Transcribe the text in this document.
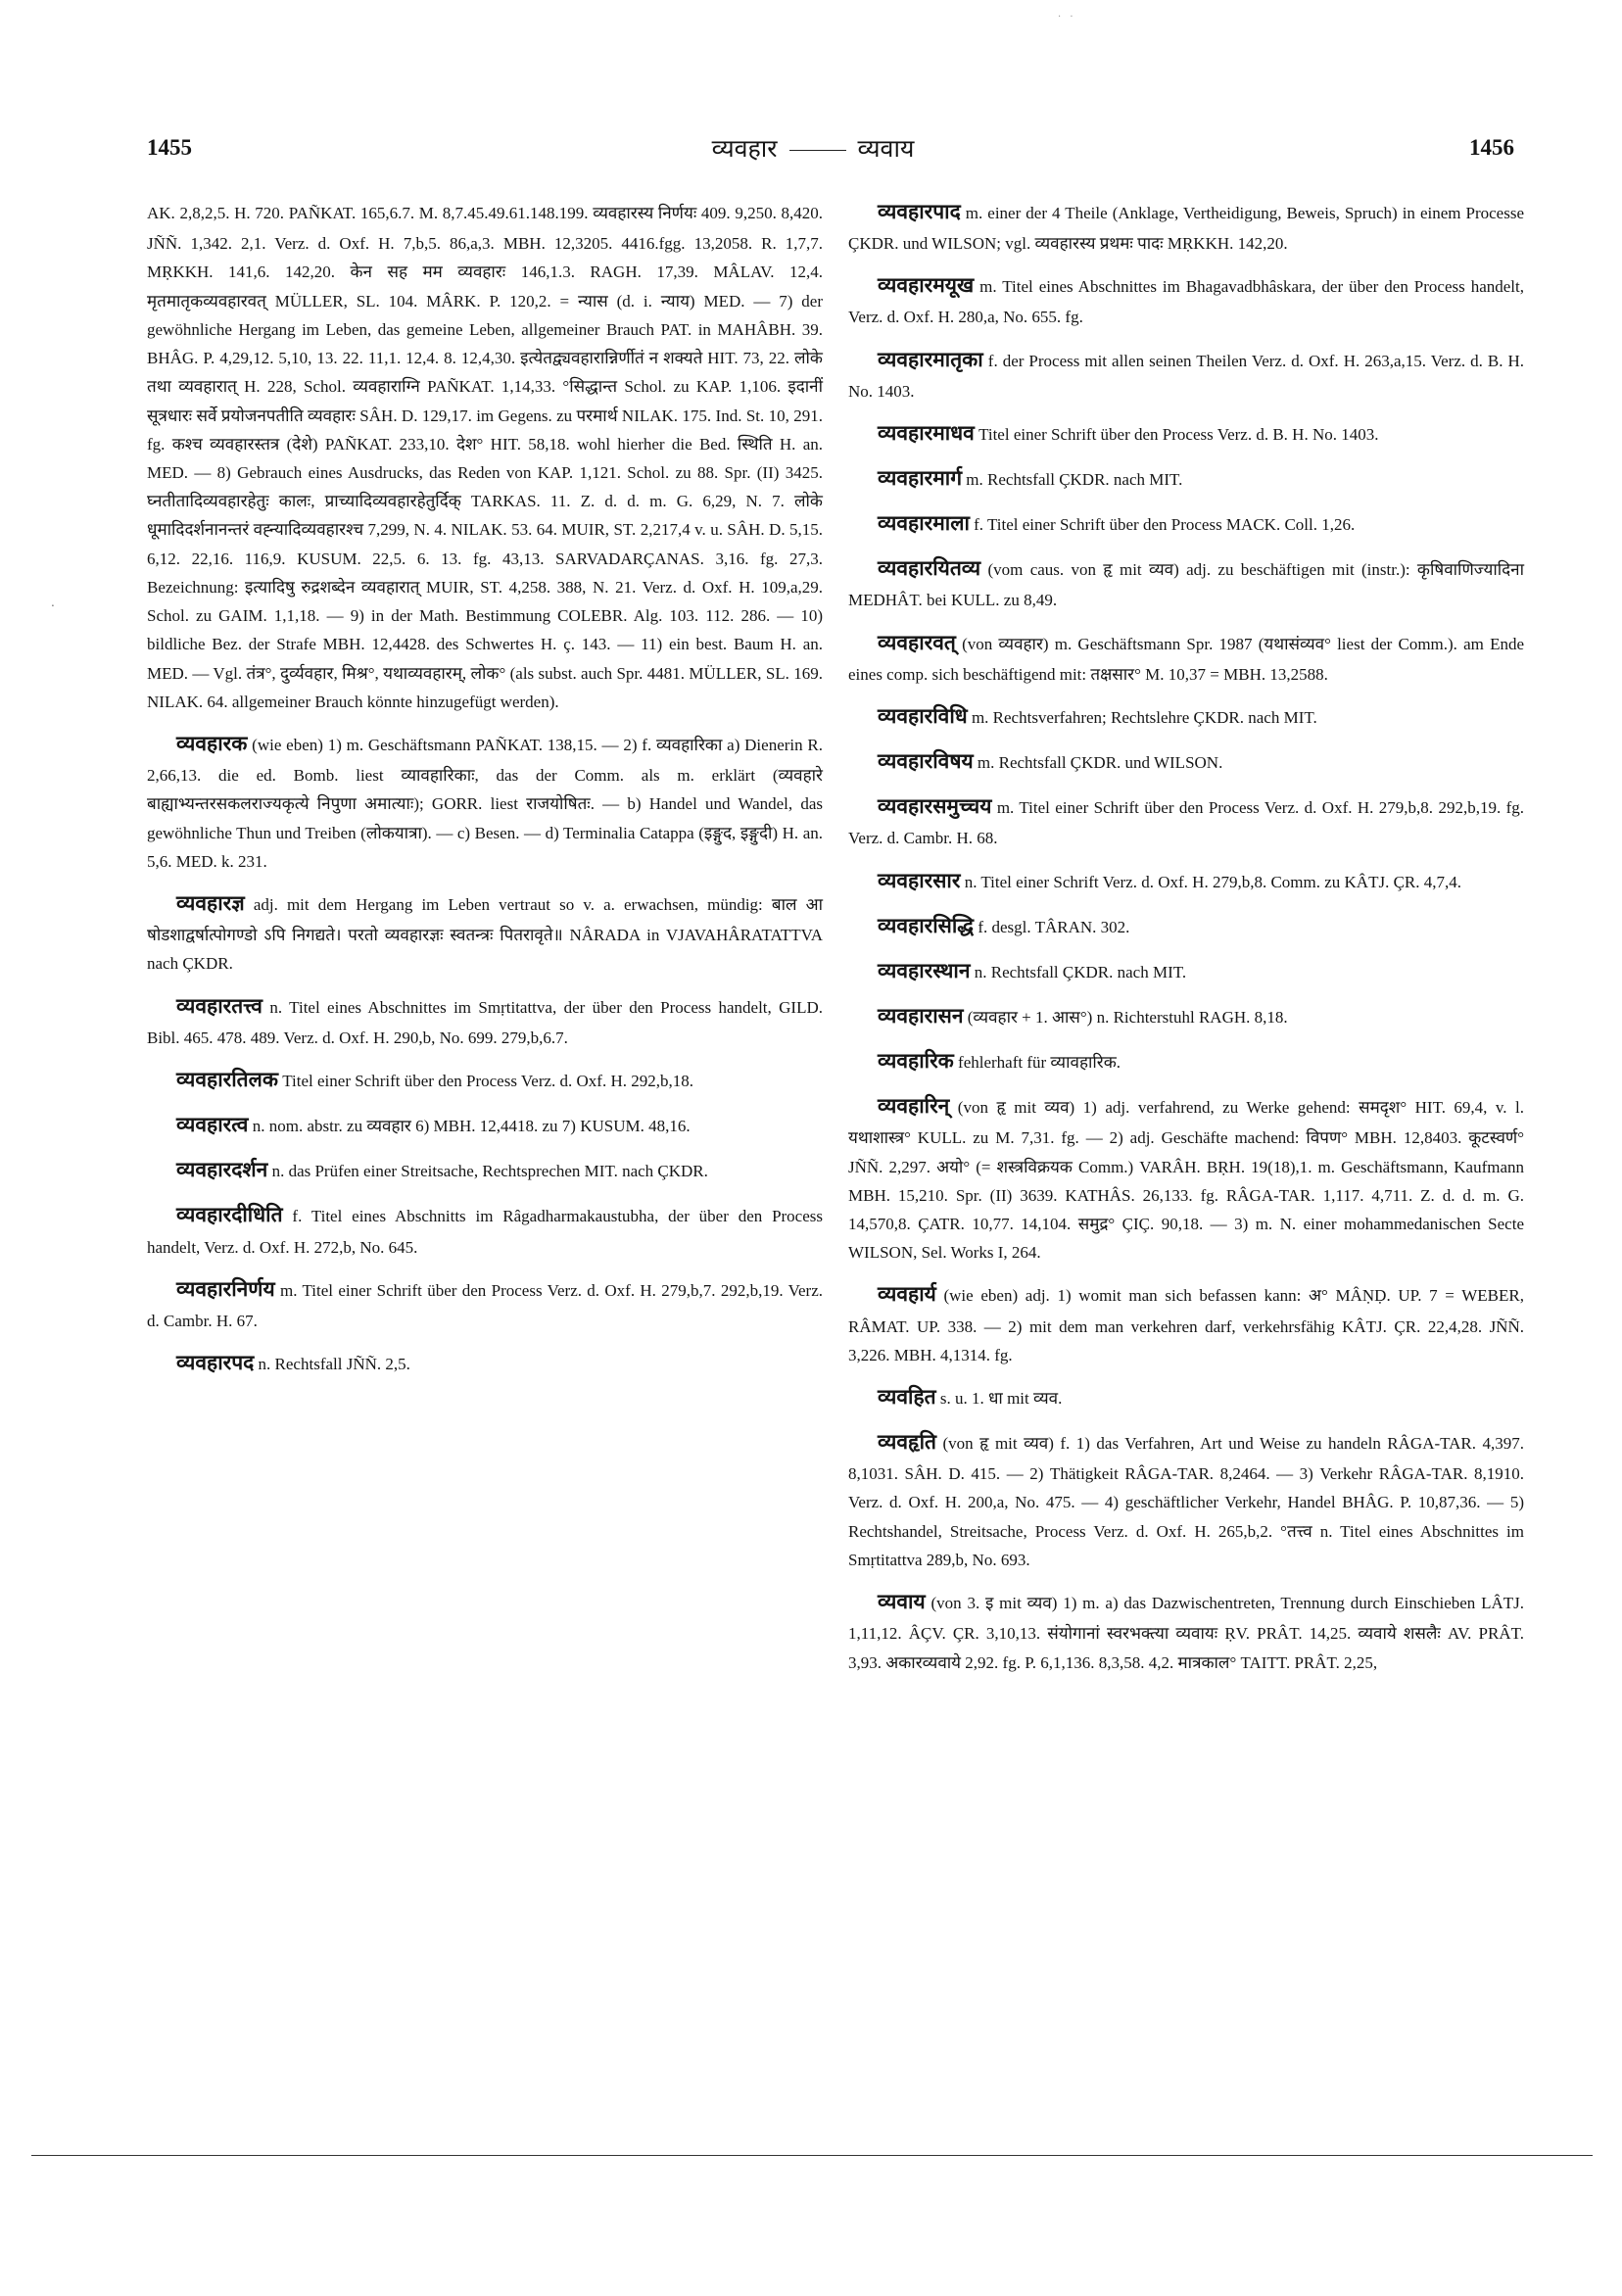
· ·
.
1455	व्यवहार	व्यवाय	1456

AK. 2,8,2,5. H. 720. PAÑKAT. 165,6.7. M. 8,7.45.49.61.148.199. व्यवहारस्य निर्णयः 409. 9,250. 8,420. JÑÑ. 1,342. 2,1. Verz. d. Oxf. H. 7,b,5. 86,a,3. MBH. 12,3205. 4416.fgg. 13,2058. R. 1,7,7. MṚKKH. 141,6. 142,20. केन सह मम व्यवहारः 146,1.3. RAGH. 17,39. MÂLAV. 12,4. मृतमातृकव्यवहारवत् MÜLLER, SL. 104. MÂRK. P. 120,2. = न्यास (d. i. न्याय) MED. — 7) der gewöhnliche Hergang im Leben, das gemeine Leben, allgemeiner Brauch PAT. in MAHÂBH. 39. BHÂG. P. 4,29,12. 5,10, 13. 22. 11,1. 12,4. 8. 12,4,30. इत्येतद्व्यवहारान्निर्णीतं न शक्यते HIT. 73, 22. लोके तथा व्यवहारात् H. 228, Schol. व्यवहाराग्नि PAÑKAT. 1,14,33. °सिद्धान्त Schol. zu KAP. 1,106. इदानीं सूत्रधारः सर्वे प्रयोजनपतीति व्यवहारः SÂH. D. 129,17. im Gegens. zu परमार्थ NILAK. 175. Ind. St. 10, 291. fg. कश्च व्यवहारस्तत्र (देशे) PAÑKAT. 233,10. देश° HIT. 58,18. wohl hierher die Bed. स्थिति H. an. MED. — 8) Gebrauch eines Ausdrucks, das Reden von KAP. 1,121. Schol. zu 88. Spr. (II) 3425. घ्नतीतादिव्यवहारहेतुः कालः, प्राच्यादिव्यवहारहेतुर्दिक् TARKAS. 11. Z. d. d. m. G. 6,29, N. 7. लोके धूमादिदर्शनानन्तरं वह्न्यादिव्यवहारश्च 7,299, N. 4. NILAK. 53. 64. MUIR, ST. 2,217,4 v. u. SÂH. D. 5,15. 6,12. 22,16. 116,9. KUSUM. 22,5. 6. 13. fg. 43,13. SARVADARÇANAS. 3,16. fg. 27,3. Bezeichnung: इत्यादिषु रुद्रशब्देन व्यवहारात् MUIR, ST. 4,258. 388, N. 21. Verz. d. Oxf. H. 109,a,29. Schol. zu GAIM. 1,1,18. — 9) in der Math. Bestimmung COLEBR. Alg. 103. 112. 286. — 10) bildliche Bez. der Strafe MBH. 12,4428. des Schwertes H. ç. 143. — 11) ein best. Baum H. an. MED. — Vgl. तंत्र°, दुर्व्यवहार, मिश्र°, यथाव्यवहारम्, लोक° (als subst. auch Spr. 4481. MÜLLER, SL. 169. NILAK. 64. allgemeiner Brauch könnte hinzugefügt werden).

व्यवहारक (wie eben) 1) m. Geschäftsmann PAÑKAT. 138,15. — 2) f. व्यवहारिका a) Dienerin R. 2,66,13. die ed. Bomb. liest व्यावहारिकाः, das der Comm. als m. erklärt (व्यवहारे बाह्याभ्यन्तरसकलराज्यकृत्ये निपुणा अमात्याः); GORR. liest राजयोषितः. — b) Handel und Wandel, das gewöhnliche Thun und Treiben (लोकयात्रा). — c) Besen. — d) Terminalia Catappa (इङ्गुद, इङ्गुदी) H. an. 5,6. MED. k. 231.

व्यवहारज्ञ adj. mit dem Hergang im Leben vertraut so v. a. erwachsen, mündig: बाल आ षोडशाद्वर्षात्पोगण्डो ऽपि निगद्यते। परतो व्यवहारज्ञः स्वतन्त्रः पितरावृते॥ NÂRADA in VJAVAHÂRATATTVA nach ÇKDR.

व्यवहारतत्त्व n. Titel eines Abschnittes im Smṛtitattva, der über den Process handelt, GILD. Bibl. 465. 478. 489. Verz. d. Oxf. H. 290,b, No. 699. 279,b,6.7.

व्यवहारतिलक Titel einer Schrift über den Process Verz. d. Oxf. H. 292,b,18.

व्यवहारत्व n. nom. abstr. zu व्यवहार 6) MBH. 12,4418. zu 7) KUSUM. 48,16.

व्यवहारदर्शन n. das Prüfen einer Streitsache, Rechtsprechen MIT. nach ÇKDR.

व्यवहारदीधिति f. Titel eines Abschnitts im Râgadharmakaustubha, der über den Process handelt, Verz. d. Oxf. H. 272,b, No. 645.

व्यवहारनिर्णय m. Titel einer Schrift über den Process Verz. d. Oxf. H. 279,b,7. 292,b,19. Verz. d. Cambr. H. 67.

व्यवहारपद n. Rechtsfall JÑÑ. 2,5.

व्यवहारपाद m. einer der 4 Theile (Anklage, Vertheidigung, Beweis, Spruch) in einem Processe ÇKDR. und WILSON; vgl. व्यवहारस्य प्रथमः पादः MṚKKH. 142,20.

व्यवहारमयूख m. Titel eines Abschnittes im Bhagavadbhâskara, der über den Process handelt, Verz. d. Oxf. H. 280,a, No. 655. fg.

व्यवहारमातृका f. der Process mit allen seinen Theilen Verz. d. Oxf. H. 263,a,15. Verz. d. B. H. No. 1403.

व्यवहारमाधव Titel einer Schrift über den Process Verz. d. B. H. No. 1403.

व्यवहारमार्ग m. Rechtsfall ÇKDR. nach MIT.

व्यवहारमाला f. Titel einer Schrift über den Process MACK. Coll. 1,26.

व्यवहारयितव्य (vom caus. von हृ mit व्यव) adj. zu beschäftigen mit (instr.): कृषिवाणिज्यादिना MEDHÂT. bei KULL. zu 8,49.

व्यवहारवत् (von व्यवहार) m. Geschäftsmann Spr. 1987 (यथासंव्यव° liest der Comm.). am Ende eines comp. sich beschäftigend mit: तक्षसार° M. 10,37 = MBH. 13,2588.

व्यवहारविधि m. Rechtsverfahren; Rechtslehre ÇKDR. nach MIT.

व्यवहारविषय m. Rechtsfall ÇKDR. und WILSON.

व्यवहारसमुच्चय m. Titel einer Schrift über den Process Verz. d. Oxf. H. 279,b,8. 292,b,19. fg. Verz. d. Cambr. H. 68.

व्यवहारसार n. Titel einer Schrift Verz. d. Oxf. H. 279,b,8. Comm. zu KÂTJ. ÇR. 4,7,4.

व्यवहारसिद्धि f. desgl. TÂRAN. 302.

व्यवहारस्थान n. Rechtsfall ÇKDR. nach MIT.

व्यवहारासन (व्यवहार + 1. आस°) n. Richterstuhl RAGH. 8,18.

व्यवहारिक fehlerhaft für व्यावहारिक.

व्यवहारिन् (von हृ mit व्यव) 1) adj. verfahrend, zu Werke gehend: समदृश° HIT. 69,4, v. l. यथाशास्त्र° KULL. zu M. 7,31. fg. — 2) adj. Geschäfte machend: विपण° MBH. 12,8403. कूटस्वर्ण° JÑÑ. 2,297. अयो° (= शस्त्रविक्रयक Comm.) VARÂH. BṚH. 19(18),1. m. Geschäftsmann, Kaufmann MBH. 15,210. Spr. (II) 3639. KATHÂS. 26,133. fg. RÂGA-TAR. 1,117. 4,711. Z. d. d. m. G. 14,570,8. ÇATR. 10,77. 14,104. समुद्र° ÇIÇ. 90,18. — 3) m. N. einer mohammedanischen Secte WILSON, Sel. Works I, 264.

व्यवहार्य (wie eben) adj. 1) womit man sich befassen kann: अ° MÂṆḌ. UP. 7 = WEBER, RÂMAT. UP. 338. — 2) mit dem man verkehren darf, verkehrsfähig KÂTJ. ÇR. 22,4,28. JÑÑ. 3,226. MBH. 4,1314. fg.

व्यवहित s. u. 1. धा mit व्यव.

व्यवहृति (von हृ mit व्यव) f. 1) das Verfahren, Art und Weise zu handeln RÂGA-TAR. 4,397. 8,1031. SÂH. D. 415. — 2) Thätigkeit RÂGA-TAR. 8,2464. — 3) Verkehr RÂGA-TAR. 8,1910. Verz. d. Oxf. H. 200,a, No. 475. — 4) geschäftlicher Verkehr, Handel BHÂG. P. 10,87,36. — 5) Rechtshandel, Streitsache, Process Verz. d. Oxf. H. 265,b,2. °तत्त्व n. Titel eines Abschnittes im Smṛtitattva 289,b, No. 693.

व्यवाय (von 3. इ mit व्यव) 1) m. a) das Dazwischentreten, Trennung durch Einschieben LÂTJ. 1,11,12. ÂÇV. ÇR. 3,10,13. संयोगानां स्वरभक्त्या व्यवायः ṚV. PRÂT. 14,25. व्यवाये शसलैः AV. PRÂT. 3,93. अकारव्यवाये 2,92. fg. P. 6,1,136. 8,3,58. 4,2. मात्रकाल° TAITT. PRÂT. 2,25,
